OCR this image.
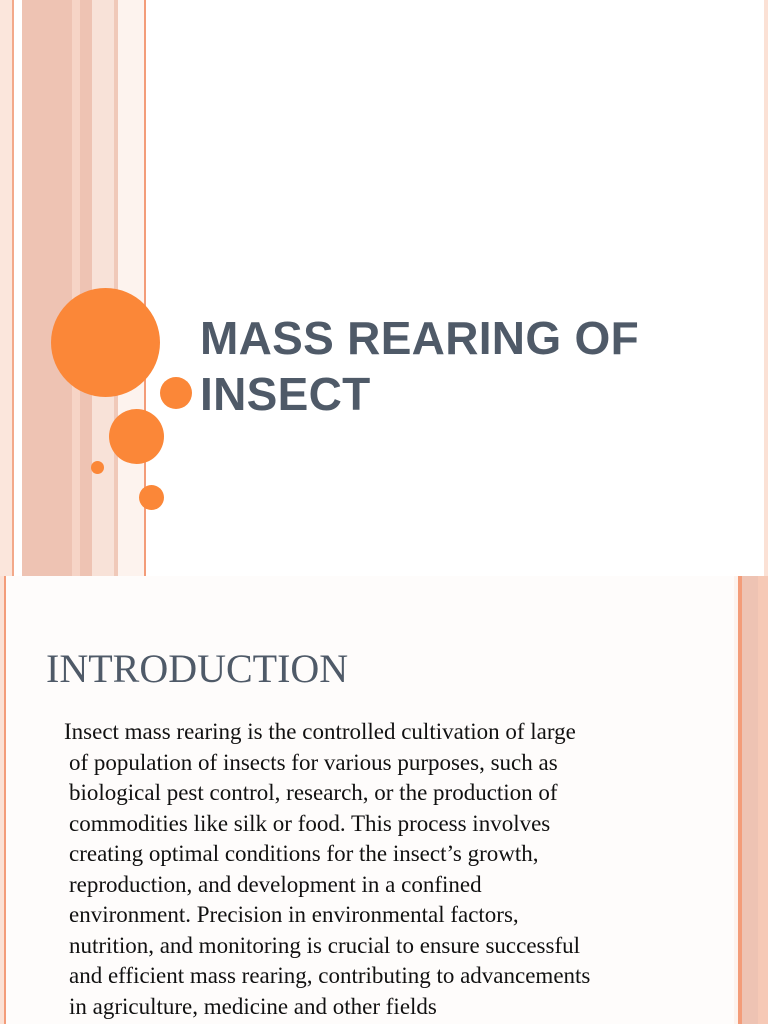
MASS REARING OF
INSECT
INTRODUCTION

Insect mass rearing is the controlled cultivation of large
of population of insects for various purposes, such as
biological pest control, research, or the production of
commodities like silk or food. This process involves
creating optimal conditions for the insect’s growth,
reproduction, and development in a confined
environment. Precision in environmental factors,
nutrition, and monitoring is crucial to ensure successful
and efficient mass rearing, contributing to advancements
in agriculture, medicine and other fields
